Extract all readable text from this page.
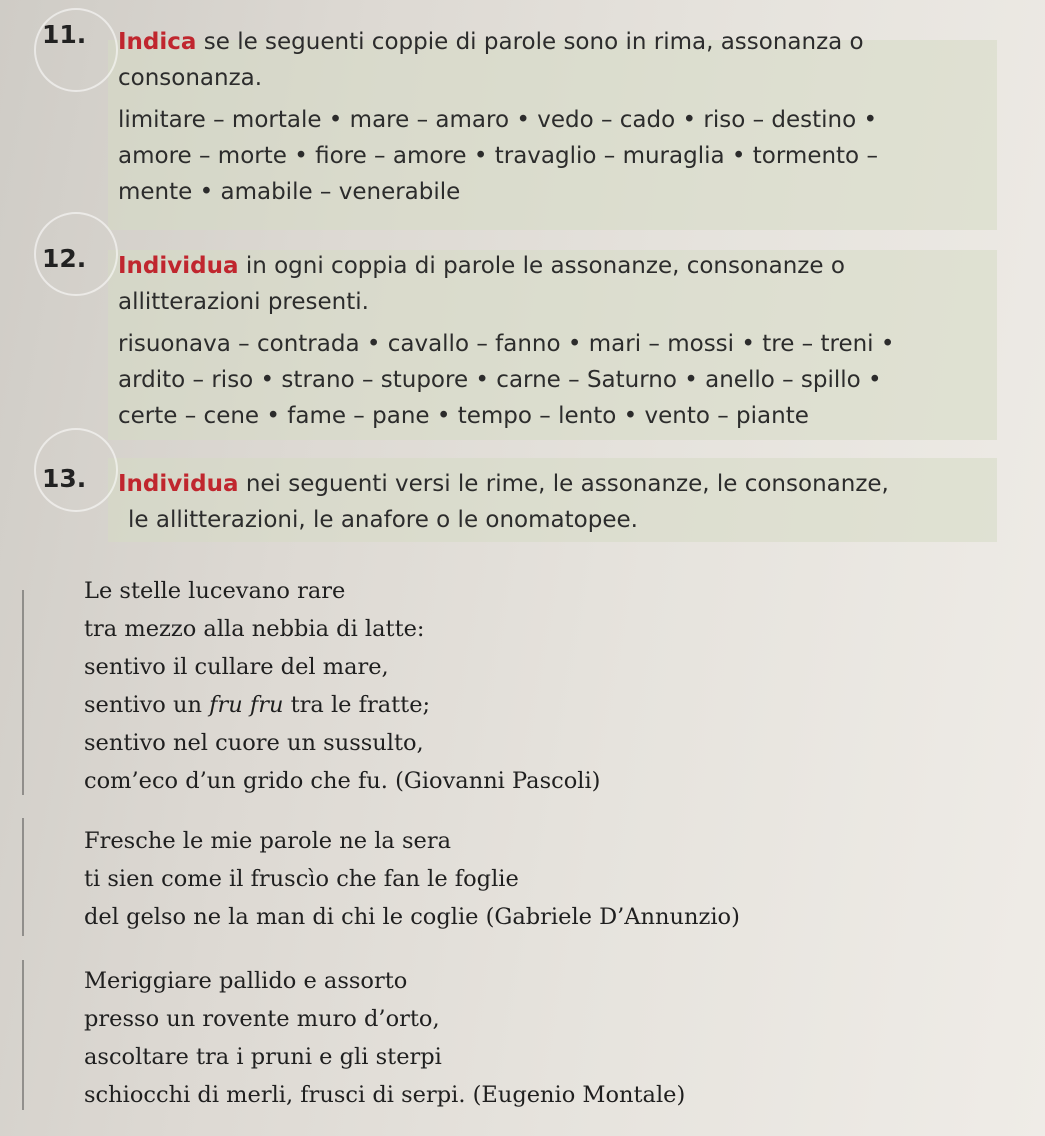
11. Indica se le seguenti coppie di parole sono in rima, assonanza o
consonanza.
limitare – mortale • mare – amaro • vedo – cado • riso – destino •
amore – morte • fiore – amore • travaglio – muraglia • tormento –
mente • amabile – venerabile
12. Individua in ogni coppia di parole le assonanze, consonanze o
allitterazioni presenti.
risuonava – contrada • cavallo – fanno • mari – mossi • tre – treni •
ardito – riso • strano – stupore • carne – Saturno • anello – spillo •
certe – cene • fame – pane • tempo – lento • vento – piante
13. Individua nei seguenti versi le rime, le assonanze, le consonanze,
le allitterazioni, le anafore o le onomatopee.
Le stelle lucevano rare
tra mezzo alla nebbia di latte:
sentivo il cullare del mare,
sentivo un fru fru tra le fratte;
sentivo nel cuore un sussulto,
com’eco d’un grido che fu. (Giovanni Pascoli)
Fresche le mie parole ne la sera
ti sien come il fruscìo che fan le foglie
del gelso ne la man di chi le coglie (Gabriele D’Annunzio)
Meriggiare pallido e assorto
presso un rovente muro d’orto,
ascoltare tra i pruni e gli sterpi
schiocchi di merli, frusci di serpi. (Eugenio Montale)
